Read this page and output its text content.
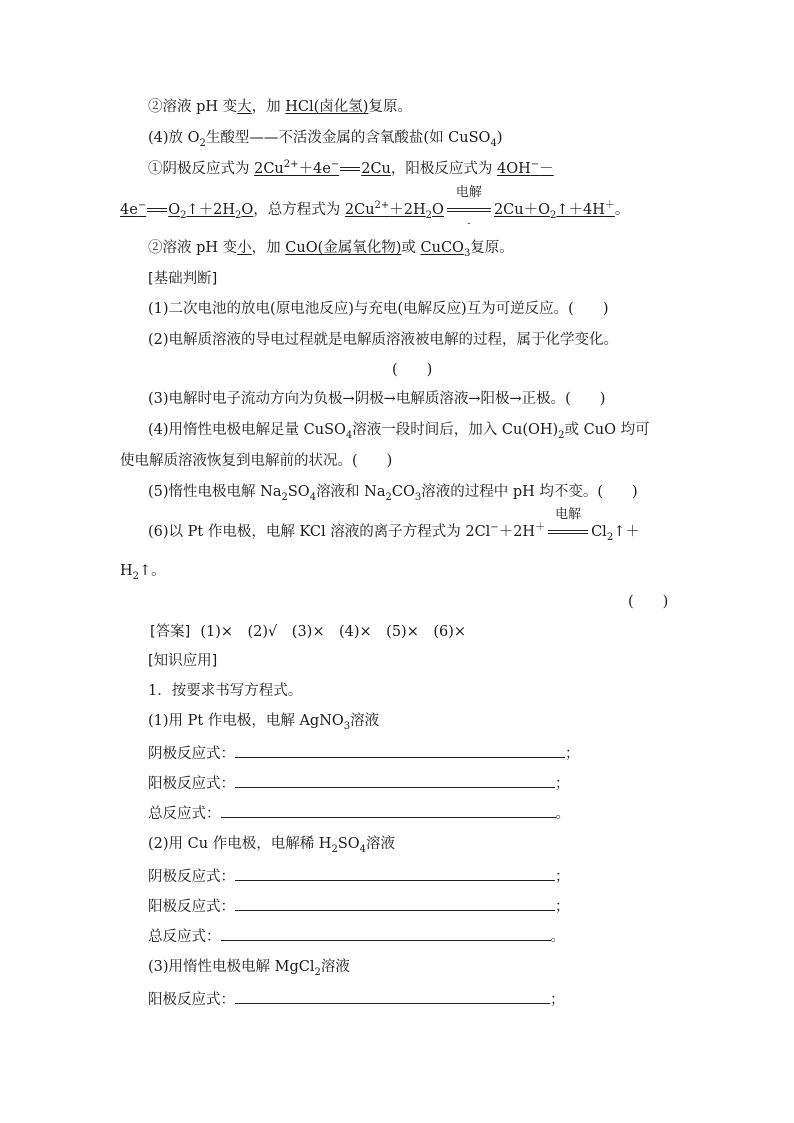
②溶液 pH 变大，加 HCl(卤化氢)复原。
(4)放 $O_2$生酸型——不活泼金属的含氧酸盐(如 CuSO$_4$)
①阴极反应式为 $2Cu^{2+}+4e^-$ 2Cu，阳极反应式为 4OH−－
4e− $O_2↑+2H_2O$，总方程式为 $2Cu^{2+}+2H_2O$
电解
-
$2Cu+O_2↑+4H^+$。
②溶液 pH 变小，加 CuO(金属氧化物)或 CuCO$_3$复原。
[基础判断]
(1)二次电池的放电(原电池反应)与充电(电解反应)互为可逆反应。(　　)
(2)电解质溶液的导电过程就是电解质溶液被电解的过程，属于化学变化。
(　　)
(3)电解时电子流动方向为负极→阴极→电解质溶液→阳极→正极。(　　)
(4)用惰性电极电解足量 CuSO$_4$溶液一段时间后，加入 $Cu(OH)_2$或 CuO 均可
使电解质溶液恢复到电解前的状况。(　　)
(5)惰性电极电解 $Na_2SO_4$溶液和 $Na_2CO_3$溶液的过程中 pH 均不变。(　　)
(6)以 Pt 作电极，电解 KCl 溶液的离子方程式为 2Cl−＋2H＋
电解
$Cl_2↑+$
$H_2↑$。
(　　)
[答案] (1)×　(2)√　(3)×　(4)×　(5)×　(6)×
[知识应用]
1．按要求书写方程式。
(1)用 Pt 作电极，电解 AgNO$_3$溶液
阴极反应式：	；
阳极反应式：	；
总反应式：	。
(2)用 Cu 作电极，电解稀 $H_2SO_4$溶液
阴极反应式：	；
阳极反应式：	；
总反应式：	。
(3)用惰性电极电解 MgCl$_2$溶液
阳极反应式：	；
